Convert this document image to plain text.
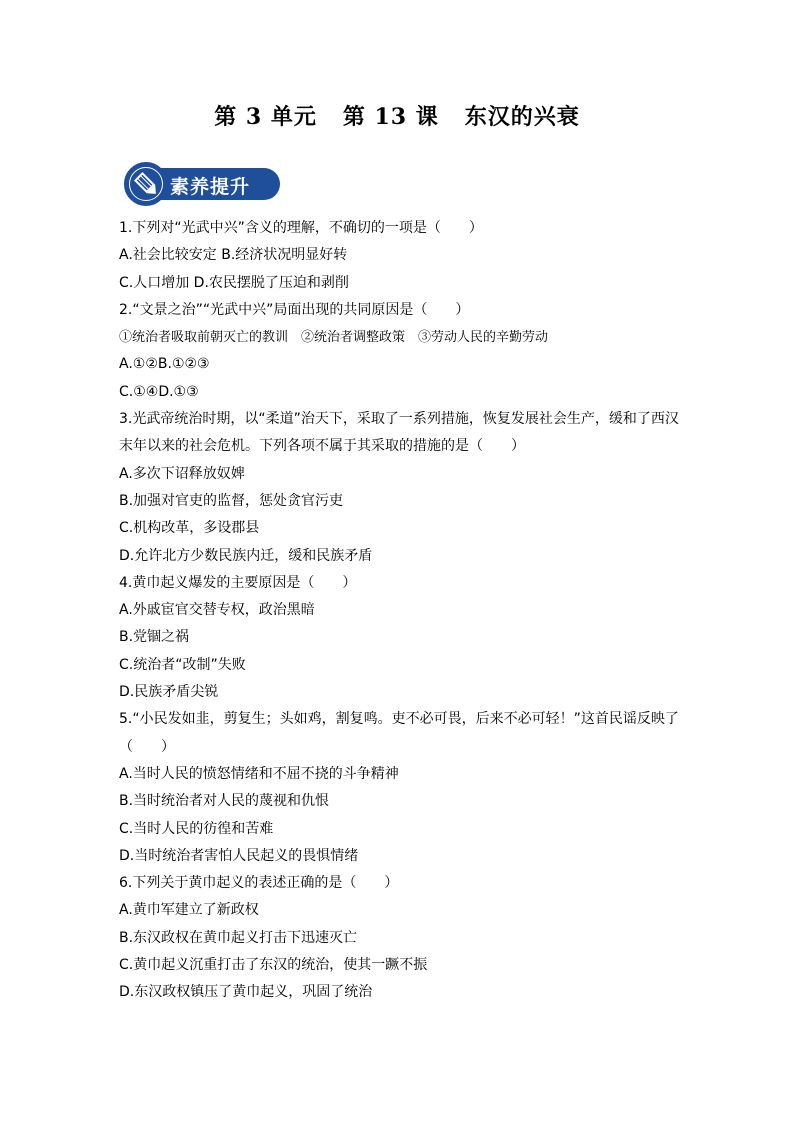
第 3 单元 第 13 课 东汉的兴衰
素养提升
1.下列对“光武中兴”含义的理解，不确切的一项是（　　）
A.社会比较安定 B.经济状况明显好转
C.人口增加 D.农民摆脱了压迫和剥削
2.“文景之治”“光武中兴”局面出现的共同原因是（　　）
①统治者吸取前朝灭亡的教训　②统治者调整政策　③劳动人民的辛勤劳动
A.①②B.①②③
C.①④D.①③
3.光武帝统治时期，以“柔道”治天下，采取了一系列措施，恢复发展社会生产，缓和了西汉末年以来的社会危机。下列各项不属于其采取的措施的是（　　）
A.多次下诏释放奴婢
B.加强对官吏的监督，惩处贪官污吏
C.机构改革，多设郡县
D.允许北方少数民族内迁，缓和民族矛盾
4.黄巾起义爆发的主要原因是（　　）
A.外戚宦官交替专权，政治黑暗
B.党锢之祸
C.统治者“改制”失败
D.民族矛盾尖锐
5.“小民发如韭，剪复生；头如鸡，割复鸣。吏不必可畏，后来不必可轻！”这首民谣反映了（　　）
A.当时人民的愤怒情绪和不屈不挠的斗争精神
B.当时统治者对人民的蔑视和仇恨
C.当时人民的彷徨和苦难
D.当时统治者害怕人民起义的畏惧情绪
6.下列关于黄巾起义的表述正确的是（　　）
A.黄巾军建立了新政权
B.东汉政权在黄巾起义打击下迅速灭亡
C.黄巾起义沉重打击了东汉的统治，使其一蹶不振
D.东汉政权镇压了黄巾起义，巩固了统治
